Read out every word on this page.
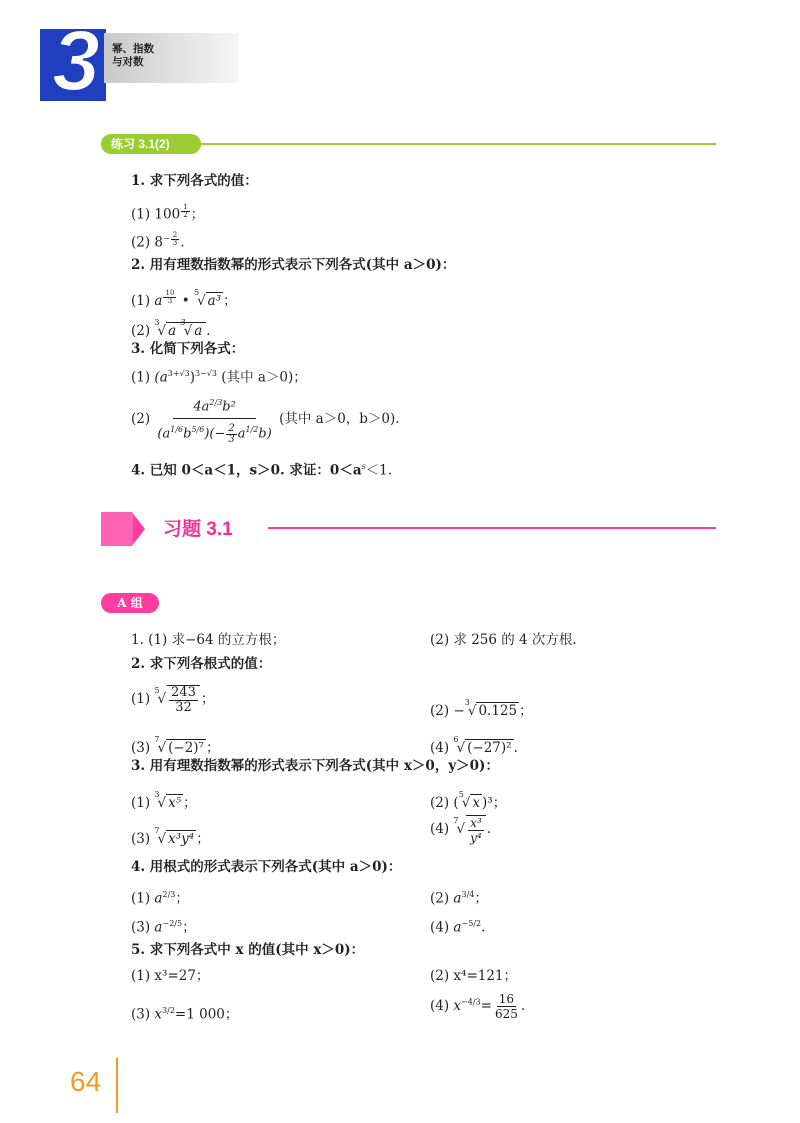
3	幂、指数
与对数
练习 3.1(2)
1. 求下列各式的值：
(1) 100 $^{\frac{1}{2}}$ ；
(2) $8^{- \frac{2}{3}}$ .
2. 用有理数指数幂的形式表示下列各式(其中 a＞0)：
(1) a $^{\frac{10}{3}}$ • $^5$√ a³ ；
(2) $^3$√ a $^3$√ a .
3. 化简下列各式：
(1) $(a^{3+√3})^{3-√3}$ (其中 a＞0)；
$(2) \frac{4a^{2/3}b^2}{(a^{1/6}b^{5/6})(- \frac{2}{3} a^{1/2}b)}$ (其中 a＞0，b＞0).
4. 已知 0＜a＜1，s＞0. 求证：$0<a^s<1$.
习题 3.1
A 组
1. (1) 求−64 的立方根；	(2) 求 256 的 4 次方根.
2. 求下列各根式的值：
(1) $^5√ \frac{243}{32}$ ；
(2) −$^3$√ 0.125 ；
(3) $^7$√ (−2)⁷ ；	(4) $^6$√ (−27)² .
3. 用有理数指数幂的形式表示下列各式(其中 x＞0，y＞0)：
(1) $^3$√ x⁵ ；	(2) ($^5$√ x )³；
(3) $^7$√ x³y⁴ ；
(4) $^7√ \frac{\text{x³}}{\text{y⁴}}$ .
4. 用根式的形式表示下列各式(其中 a＞0)：
(1) $a^{2/3}$；	(2) $a^{3/4}$；
(3) $a^{-2/5}$；	(4) $a^{-5/2}$.
5. 求下列各式中 x 的值(其中 x＞0)：
(1) x³=27；	(2) x⁴=121；
(3) $x^{3/2}=1$ 000；
(4) $x^{-4/3}= \frac{16}{625}$ .
64
